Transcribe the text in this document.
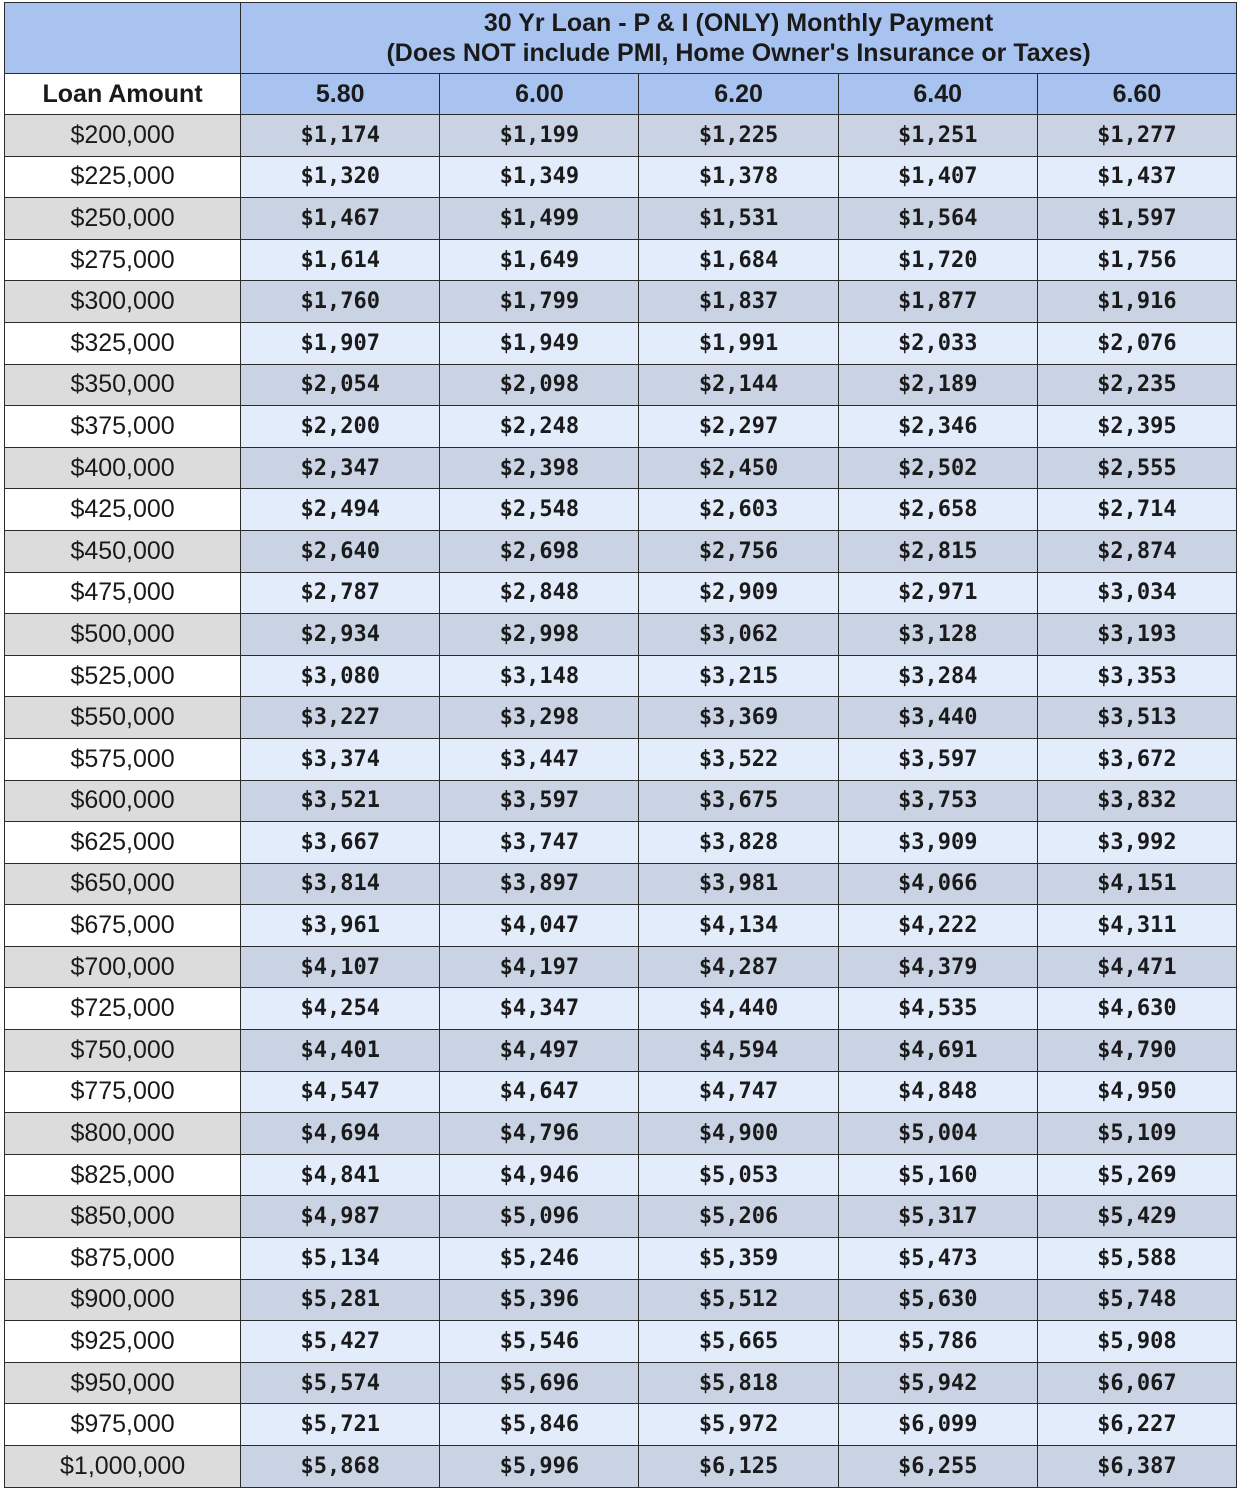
	30 Yr Loan - P & I (ONLY) Monthly Payment
(Does NOT include PMI, Home Owner's Insurance or Taxes)				

Loan Amount	5.80	6.00	6.20	6.40	6.60
$200,000	$1,174	$1,199	$1,225	$1,251	$1,277
$225,000	$1,320	$1,349	$1,378	$1,407	$1,437
$250,000	$1,467	$1,499	$1,531	$1,564	$1,597
$275,000	$1,614	$1,649	$1,684	$1,720	$1,756
$300,000	$1,760	$1,799	$1,837	$1,877	$1,916
$325,000	$1,907	$1,949	$1,991	$2,033	$2,076
$350,000	$2,054	$2,098	$2,144	$2,189	$2,235
$375,000	$2,200	$2,248	$2,297	$2,346	$2,395
$400,000	$2,347	$2,398	$2,450	$2,502	$2,555
$425,000	$2,494	$2,548	$2,603	$2,658	$2,714
$450,000	$2,640	$2,698	$2,756	$2,815	$2,874
$475,000	$2,787	$2,848	$2,909	$2,971	$3,034
$500,000	$2,934	$2,998	$3,062	$3,128	$3,193
$525,000	$3,080	$3,148	$3,215	$3,284	$3,353
$550,000	$3,227	$3,298	$3,369	$3,440	$3,513
$575,000	$3,374	$3,447	$3,522	$3,597	$3,672
$600,000	$3,521	$3,597	$3,675	$3,753	$3,832
$625,000	$3,667	$3,747	$3,828	$3,909	$3,992
$650,000	$3,814	$3,897	$3,981	$4,066	$4,151
$675,000	$3,961	$4,047	$4,134	$4,222	$4,311
$700,000	$4,107	$4,197	$4,287	$4,379	$4,471
$725,000	$4,254	$4,347	$4,440	$4,535	$4,630
$750,000	$4,401	$4,497	$4,594	$4,691	$4,790
$775,000	$4,547	$4,647	$4,747	$4,848	$4,950
$800,000	$4,694	$4,796	$4,900	$5,004	$5,109
$825,000	$4,841	$4,946	$5,053	$5,160	$5,269
$850,000	$4,987	$5,096	$5,206	$5,317	$5,429
$875,000	$5,134	$5,246	$5,359	$5,473	$5,588
$900,000	$5,281	$5,396	$5,512	$5,630	$5,748
$925,000	$5,427	$5,546	$5,665	$5,786	$5,908
$950,000	$5,574	$5,696	$5,818	$5,942	$6,067
$975,000	$5,721	$5,846	$5,972	$6,099	$6,227
$1,000,000	$5,868	$5,996	$6,125	$6,255	$6,387
